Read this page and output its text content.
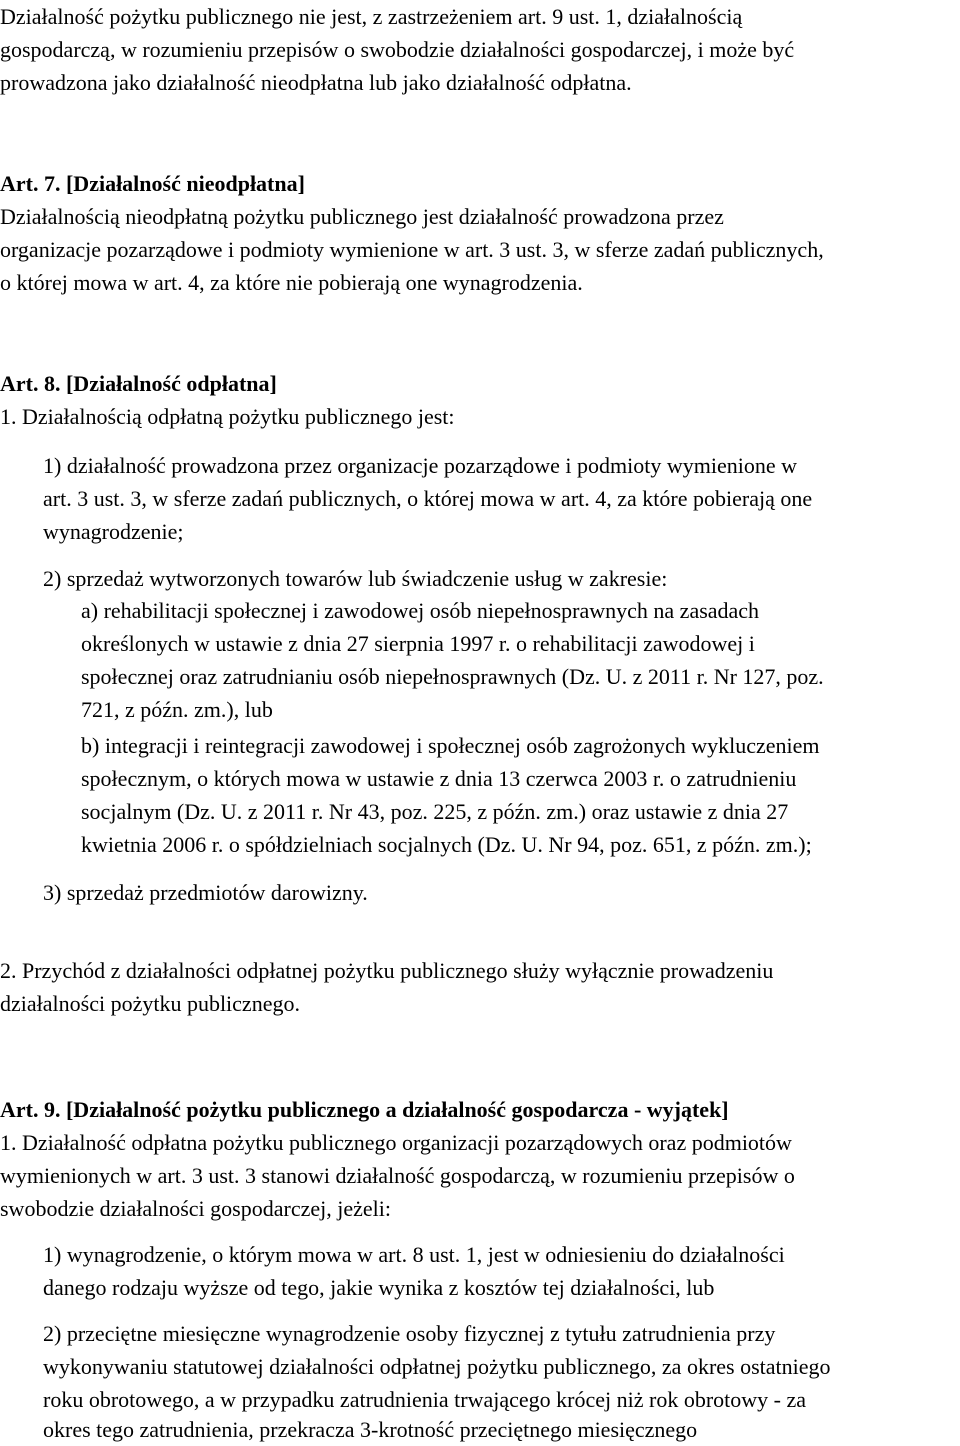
Działalność pożytku publicznego nie jest, z zastrzeżeniem art. 9 ust. 1, działalnością
gospodarczą, w rozumieniu przepisów o swobodzie działalności gospodarczej, i może być
prowadzona jako działalność nieodpłatna lub jako działalność odpłatna.
Art. 7. [Działalność nieodpłatna]
Działalnością nieodpłatną pożytku publicznego jest działalność prowadzona przez
organizacje pozarządowe i podmioty wymienione w art. 3 ust. 3, w sferze zadań publicznych,
o której mowa w art. 4, za które nie pobierają one wynagrodzenia.
Art. 8. [Działalność odpłatna]
1. Działalnością odpłatną pożytku publicznego jest:
1) działalność prowadzona przez organizacje pozarządowe i podmioty wymienione w
art. 3 ust. 3, w sferze zadań publicznych, o której mowa w art. 4, za które pobierają one
wynagrodzenie;
2) sprzedaż wytworzonych towarów lub świadczenie usług w zakresie:
a) rehabilitacji społecznej i zawodowej osób niepełnosprawnych na zasadach
określonych w ustawie z dnia 27 sierpnia 1997 r. o rehabilitacji zawodowej i
społecznej oraz zatrudnianiu osób niepełnosprawnych (Dz. U. z 2011 r. Nr 127, poz.
721, z późn. zm.), lub
b) integracji i reintegracji zawodowej i społecznej osób zagrożonych wykluczeniem
społecznym, o których mowa w ustawie z dnia 13 czerwca 2003 r. o zatrudnieniu
socjalnym (Dz. U. z 2011 r. Nr 43, poz. 225, z późn. zm.) oraz ustawie z dnia 27
kwietnia 2006 r. o spółdzielniach socjalnych (Dz. U. Nr 94, poz. 651, z późn. zm.);
3) sprzedaż przedmiotów darowizny.
2. Przychód z działalności odpłatnej pożytku publicznego służy wyłącznie prowadzeniu
działalności pożytku publicznego.
Art. 9. [Działalność pożytku publicznego a działalność gospodarcza - wyjątek]
1. Działalność odpłatna pożytku publicznego organizacji pozarządowych oraz podmiotów
wymienionych w art. 3 ust. 3 stanowi działalność gospodarczą, w rozumieniu przepisów o
swobodzie działalności gospodarczej, jeżeli:
1) wynagrodzenie, o którym mowa w art. 8 ust. 1, jest w odniesieniu do działalności
danego rodzaju wyższe od tego, jakie wynika z kosztów tej działalności, lub
2) przeciętne miesięczne wynagrodzenie osoby fizycznej z tytułu zatrudnienia przy
wykonywaniu statutowej działalności odpłatnej pożytku publicznego, za okres ostatniego
roku obrotowego, a w przypadku zatrudnienia trwającego krócej niż rok obrotowy - za
okres tego zatrudnienia, przekracza 3-krotność przeciętnego miesięcznego
